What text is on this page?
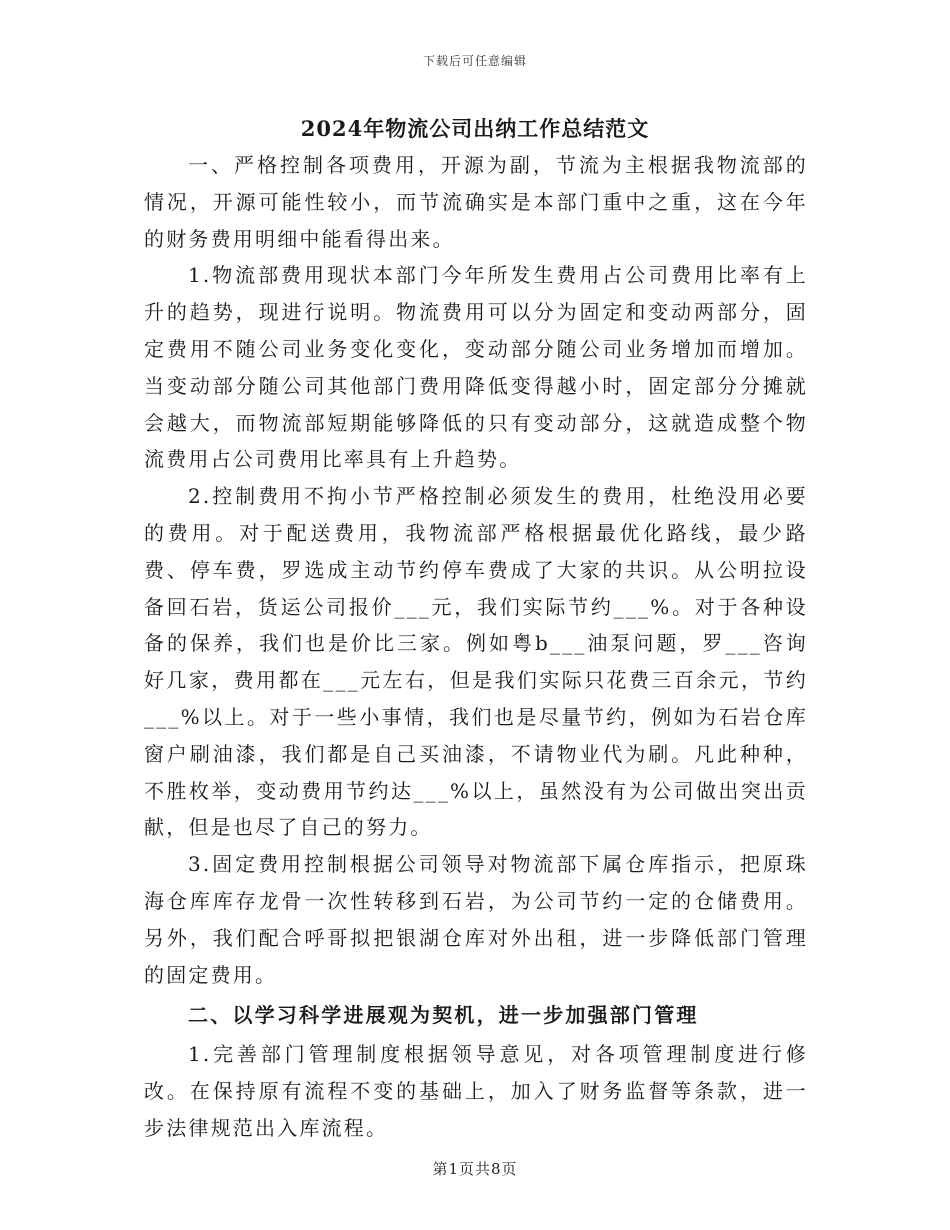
下载后可任意编辑
2024年物流公司出纳工作总结范文

一、严格控制各项费用，开源为副，节流为主根据我物流部的情况，开源可能性较小，而节流确实是本部门重中之重，这在今年的财务费用明细中能看得出来。

1.物流部费用现状本部门今年所发生费用占公司费用比率有上升的趋势，现进行说明。物流费用可以分为固定和变动两部分，固定费用不随公司业务变化变化，变动部分随公司业务增加而增加。当变动部分随公司其他部门费用降低变得越小时，固定部分分摊就会越大，而物流部短期能够降低的只有变动部分，这就造成整个物流费用占公司费用比率具有上升趋势。

2.控制费用不拘小节严格控制必须发生的费用，杜绝没用必要的费用。对于配送费用，我物流部严格根据最优化路线，最少路费、停车费，罗选成主动节约停车费成了大家的共识。从公明拉设备回石岩，货运公司报价___元，我们实际节约___%。对于各种设备的保养，我们也是价比三家。例如粤b___油泵问题，罗___咨询好几家，费用都在___元左右，但是我们实际只花费三百余元，节约___%以上。对于一些小事情，我们也是尽量节约，例如为石岩仓库窗户刷油漆，我们都是自己买油漆，不请物业代为刷。凡此种种，不胜枚举，变动费用节约达___%以上，虽然没有为公司做出突出贡献，但是也尽了自己的努力。

3.固定费用控制根据公司领导对物流部下属仓库指示，把原珠海仓库库存龙骨一次性转移到石岩，为公司节约一定的仓储费用。另外，我们配合呼哥拟把银湖仓库对外出租，进一步降低部门管理的固定费用。

二、以学习科学进展观为契机，进一步加强部门管理

1.完善部门管理制度根据领导意见，对各项管理制度进行修改。在保持原有流程不变的基础上，加入了财务监督等条款，进一步法律规范出入库流程。

第1页共8页
